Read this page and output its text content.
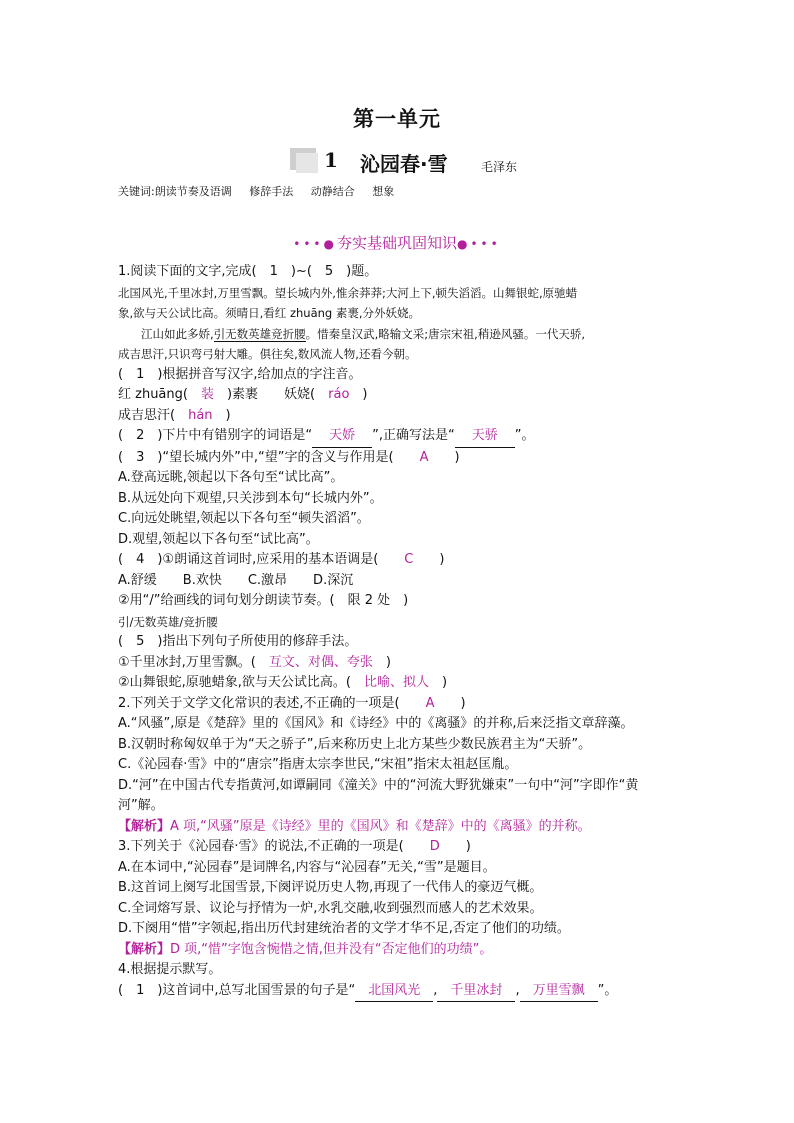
第一单元
1 沁园春·雪	毛泽东
关键词:朗读节奏及语调 修辞手法 动静结合 想象
•••●夯实基础巩固知识●•••
1.阅读下面的文字,完成(　1　)~(　5　)题。
北国风光,千里冰封,万里雪飘。望长城内外,惟余莽莽;大河上下,顿失滔滔。山舞银蛇,原驰蜡
象,欲与天公试比高。须晴日,看红 zhuāng 素裹,分外妖娆。
　　江山如此多娇,引无数英雄竞折腰。惜秦皇汉武,略输文采;唐宗宋祖,稍逊风骚。一代天骄,
成吉思汗,只识弯弓射大雕。俱往矣,数风流人物,还看今朝。
(　1　)根据拼音写汉字,给加点的字注音。
红 zhuāng(　装　)素裹　　妖娆(　ráo　)
成吉思汗(　hán　)
(　2　)下片中有错别字的词语是“ 天娇 ”,正确写法是“ 天骄 ”。
(　3　)“望长城内外”中,“望”字的含义与作用是(　　A　　)
A.登高远眺,领起以下各句至“试比高”。
B.从远处向下观望,只关涉到本句“长城内外”。
C.向远处眺望,领起以下各句至“顿失滔滔”。
D.观望,领起以下各句至“试比高”。
(　4　)①朗诵这首词时,应采用的基本语调是(　　C　　)
A.舒缓　　B.欢快　　C.激昂　　D.深沉
②用“/”给画线的词句划分朗读节奏。(　限 2 处　)
引/无数英雄/竞折腰
(　5　)指出下列句子所使用的修辞手法。
①千里冰封,万里雪飘。(　互文、对偶、夸张　)
②山舞银蛇,原驰蜡象,欲与天公试比高。(　比喻、拟人　)
2.下列关于文学文化常识的表述,不正确的一项是(　　A　　)
A.“风骚”,原是《楚辞》里的《国风》和《诗经》中的《离骚》的并称,后来泛指文章辞藻。
B.汉朝时称匈奴单于为“天之骄子”,后来称历史上北方某些少数民族君主为“天骄”。
C.《沁园春·雪》中的“唐宗”指唐太宗李世民,“宋祖”指宋太祖赵匡胤。
D.“河”在中国古代专指黄河,如谭嗣同《潼关》中的“河流大野犹嫌束”一句中“河”字即作“黄
河”解。
【解析】A 项,“风骚”原是《诗经》里的《国风》和《楚辞》中的《离骚》的并称。
3.下列关于《沁园春·雪》的说法,不正确的一项是(　　D　　)
A.在本词中,“沁园春”是词牌名,内容与“沁园春”无关,“雪”是题目。
B.这首词上阕写北国雪景,下阕评说历史人物,再现了一代伟人的豪迈气概。
C.全词熔写景、议论与抒情为一炉,水乳交融,收到强烈而感人的艺术效果。
D.下阕用“惜”字领起,指出历代封建统治者的文学才华不足,否定了他们的功绩。
【解析】D 项,“惜”字饱含惋惜之情,但并没有“否定他们的功绩”。
4.根据提示默写。
(　1　)这首词中,总写北国雪景的句子是“ 北国风光 , 千里冰封 , 万里雪飘 ”。
